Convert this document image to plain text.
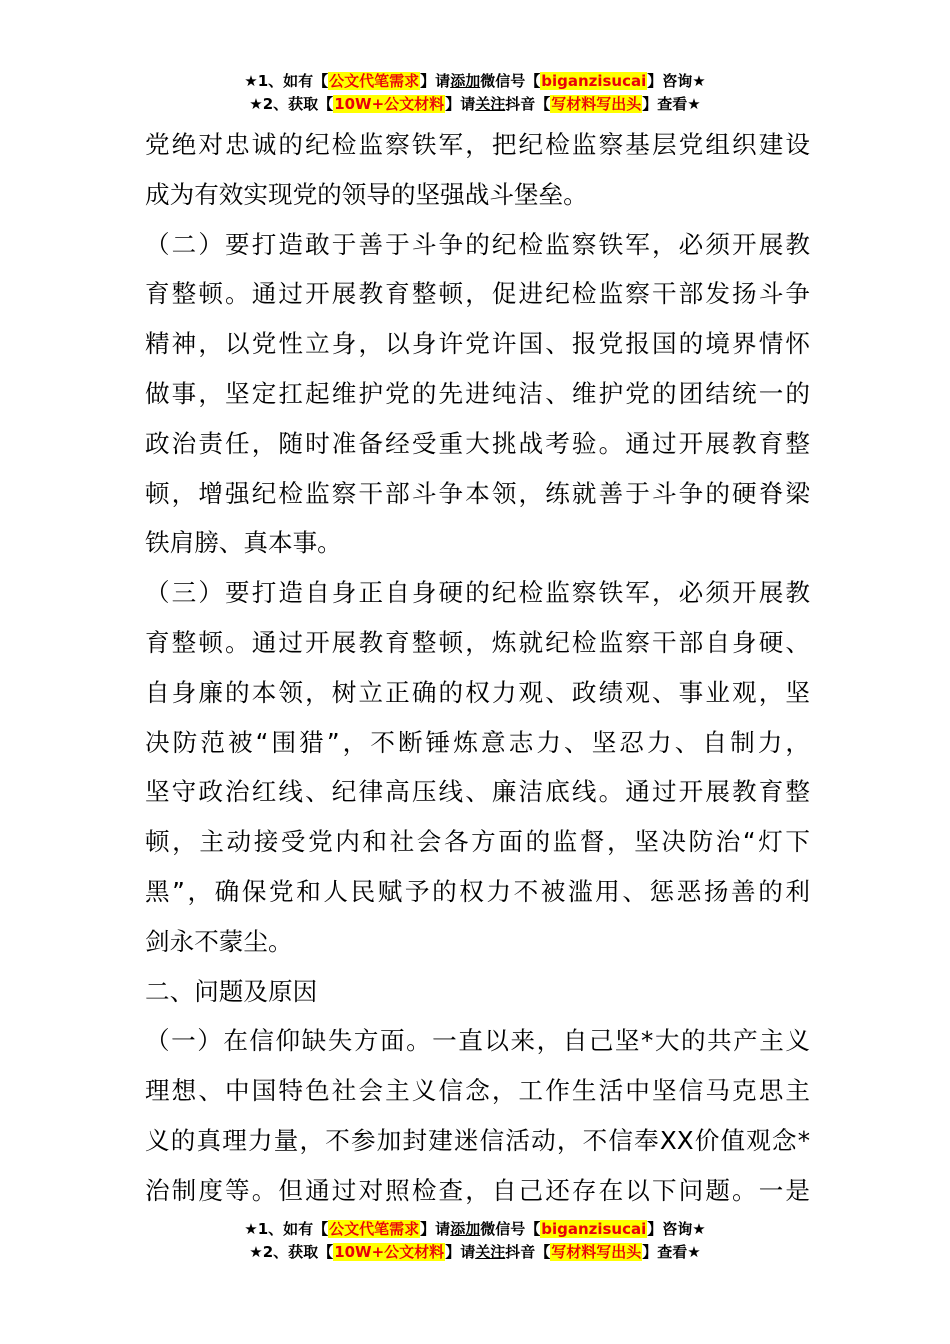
★1、如有【公文代笔需求】请添加微信号【biganzisucai】咨询★
★2、获取【10W+公文材料】请关注抖音【写材料写出头】查看★
党绝对忠诚的纪检监察铁军，把纪检监察基层党组织建设
成为有效实现党的领导的坚强战斗堡垒。
（二）要打造敢于善于斗争的纪检监察铁军，必须开展教
育整顿。通过开展教育整顿，促进纪检监察干部发扬斗争
精神，以党性立身，以身许党许国、报党报国的境界情怀
做事，坚定扛起维护党的先进纯洁、维护党的团结统一的
政治责任，随时准备经受重大挑战考验。通过开展教育整
顿，增强纪检监察干部斗争本领，练就善于斗争的硬脊梁
铁肩膀、真本事。
（三）要打造自身正自身硬的纪检监察铁军，必须开展教
育整顿。通过开展教育整顿，炼就纪检监察干部自身硬、
自身廉的本领，树立正确的权力观、政绩观、事业观，坚
决防范被“围猎”，不断锤炼意志力、坚忍力、自制力，
坚守政治红线、纪律高压线、廉洁底线。通过开展教育整
顿，主动接受党内和社会各方面的监督，坚决防治“灯下
黑”，确保党和人民赋予的权力不被滥用、惩恶扬善的利
剑永不蒙尘。
二、问题及原因
（一）在信仰缺失方面。一直以来，自己坚*大的共产主义
理想、中国特色社会主义信念，工作生活中坚信马克思主
义的真理力量，不参加封建迷信活动，不信奉XX价值观念*
治制度等。但通过对照检查，自己还存在以下问题。一是
★1、如有【公文代笔需求】请添加微信号【biganzisucai】咨询★
★2、获取【10W+公文材料】请关注抖音【写材料写出头】查看★
